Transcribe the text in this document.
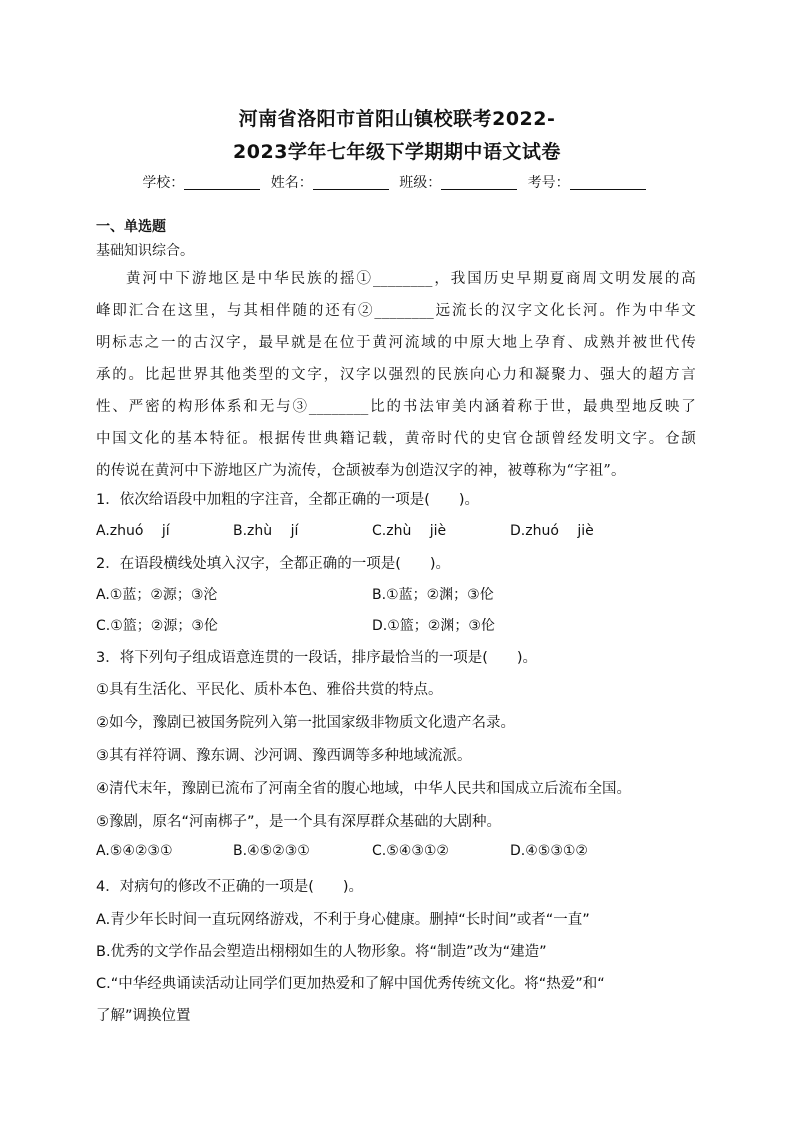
河南省洛阳市首阳山镇校联考2022-
2023学年七年级下学期期中语文试卷
学校：	姓名：	班级：	考号：
一、单选题
基础知识综合。
黄河中下游地区是中华民族的摇①________，我国历史早期夏商周文明发展的高
峰即汇合在这里，与其相伴随的还有②________远流长的汉字文化长河。作为中华文
明标志之一的古汉字，最早就是在位于黄河流域的中原大地上孕育、成熟并被世代传
承的。比起世界其他类型的文字，汉字以强烈的民族向心力和凝聚力、强大的超方言
性、严密的构形体系和无与③________比的书法审美内涵着称于世，最典型地反映了
中国文化的基本特征。根据传世典籍记载，黄帝时代的史官仓颉曾经发明文字。仓颉
的传说在黄河中下游地区广为流传，仓颉被奉为创造汉字的神，被尊称为“字祖”。
1．依次给语段中加粗的字注音，全都正确的一项是(　　)。
A.zhuó　 jí	B.zhù　 jí	C.zhù　 jiè	D.zhuó　 jiè
2．在语段横线处填入汉字，全都正确的一项是(　　)。
A.①蓝；②源；③沦	B.①蓝；②渊；③伦
C.①篮；②源；③伦	D.①篮；②渊；③伦
3．将下列句子组成语意连贯的一段话，排序最恰当的一项是(　　)。
①具有生活化、平民化、质朴本色、雅俗共赏的特点。
②如今，豫剧已被国务院列入第一批国家级非物质文化遗产名录。
③其有祥符调、豫东调、沙河调、豫西调等多种地域流派。
④清代末年，豫剧已流布了河南全省的腹心地域，中华人民共和国成立后流布全国。
⑤豫剧，原名“河南梆子”，是一个具有深厚群众基础的大剧种。
A.⑤④②③①	B.④⑤②③①	C.⑤④③①②	D.④⑤③①②
4．对病句的修改不正确的一项是(　　)。
A.青少年长时间一直玩网络游戏，不利于身心健康。删掉“长时间”或者“一直”
B.优秀的文学作品会塑造出栩栩如生的人物形象。将“制造”改为“建造”
C.“中华经典诵读活动让同学们更加热爱和了解中国优秀传统文化。将“热爱”和“
了解”调换位置
